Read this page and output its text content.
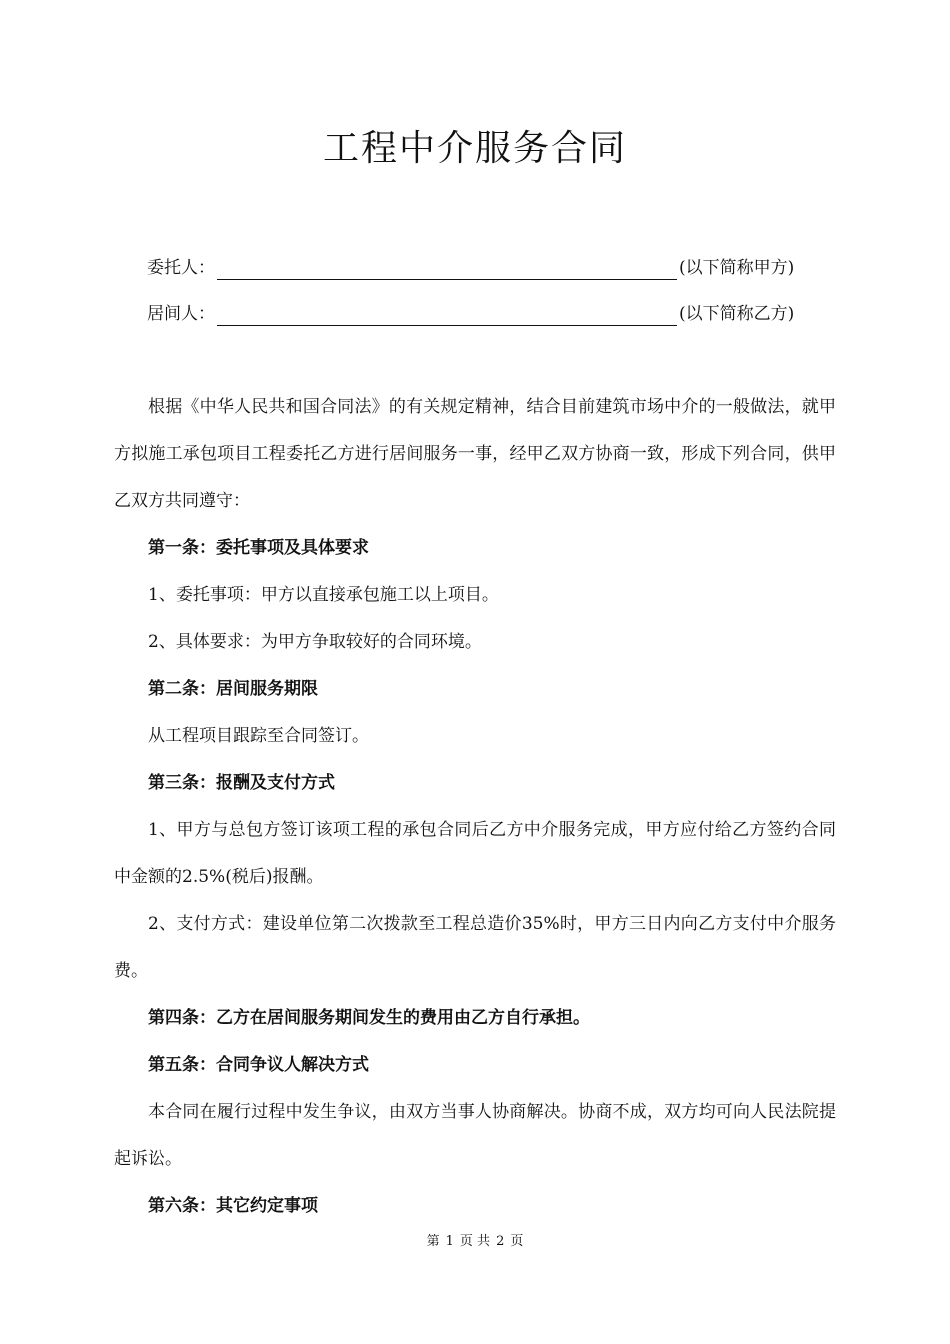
工程中介服务合同
委托人：	(以下简称甲方)
居间人：	(以下简称乙方)

根据《中华人民共和国合同法》的有关规定精神，结合目前建筑市场中介的一般做法，就甲方拟施工承包项目工程委托乙方进行居间服务一事，经甲乙双方协商一致，形成下列合同，供甲乙双方共同遵守：

第一条：委托事项及具体要求

1、委托事项：甲方以直接承包施工以上项目。

2、具体要求：为甲方争取较好的合同环境。

第二条：居间服务期限

从工程项目跟踪至合同签订。

第三条：报酬及支付方式

1、甲方与总包方签订该项工程的承包合同后乙方中介服务完成，甲方应付给乙方签约合同中金额的2.5%(税后)报酬。

2、支付方式：建设单位第二次拨款至工程总造价35%时，甲方三日内向乙方支付中介服务费。

第四条：乙方在居间服务期间发生的费用由乙方自行承担。

第五条：合同争议人解决方式

本合同在履行过程中发生争议，由双方当事人协商解决。协商不成，双方均可向人民法院提起诉讼。

第六条：其它约定事项

第 1 页 共 2 页
